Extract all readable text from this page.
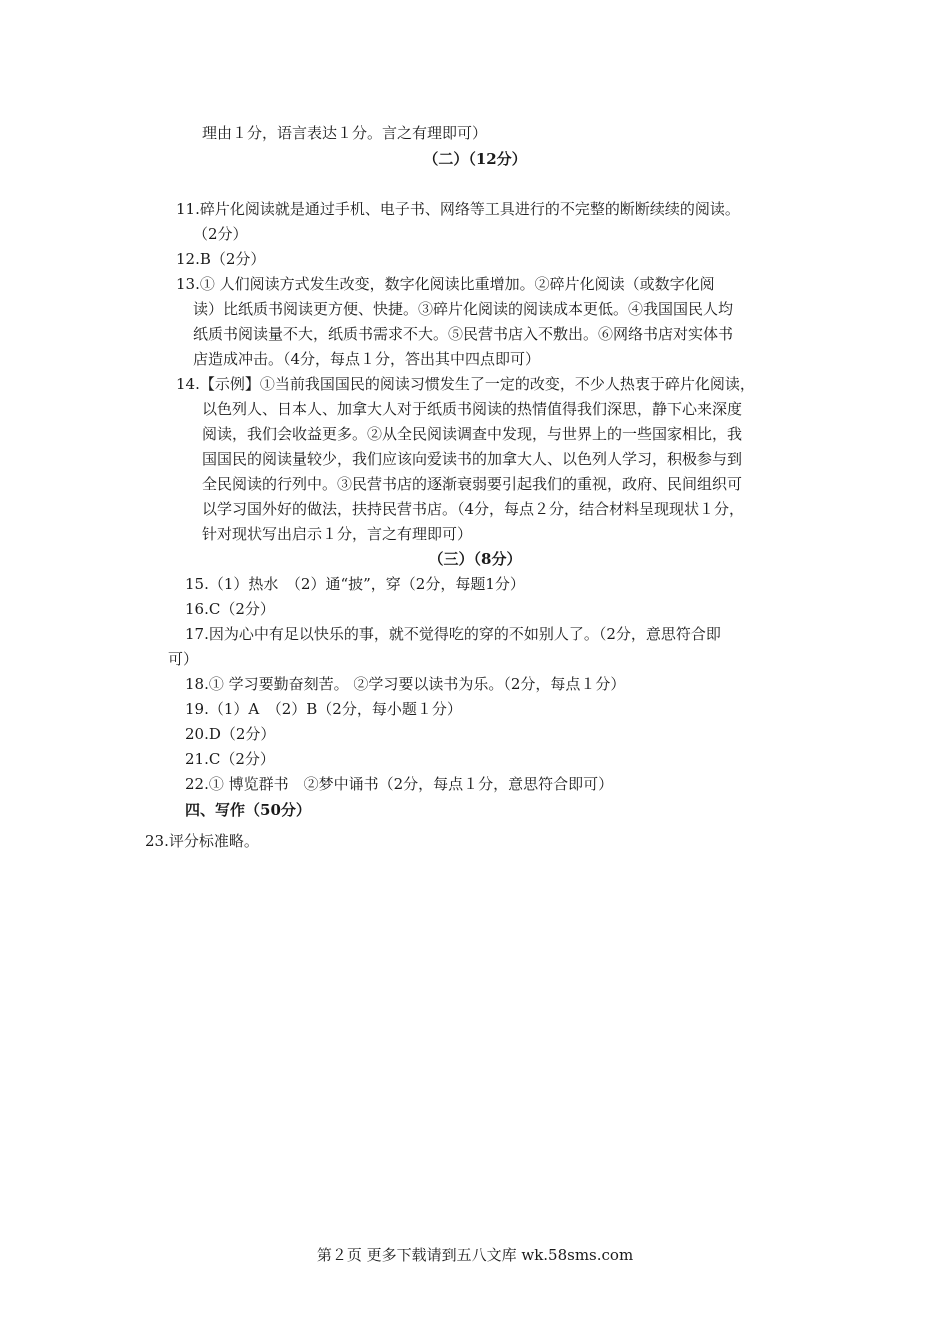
理由１分，语言表达１分。言之有理即可）
（二）（12分）
11.碎片化阅读就是通过手机、电子书、网络等工具进行的不完整的断断续续的阅读。
（2分）
12.B（2分）
13.① 人们阅读方式发生改变，数字化阅读比重增加。②碎片化阅读（或数字化阅
读）比纸质书阅读更方便、快捷。③碎片化阅读的阅读成本更低。④我国国民人均
纸质书阅读量不大，纸质书需求不大。⑤民营书店入不敷出。⑥网络书店对实体书
店造成冲击。（4分，每点１分，答出其中四点即可）
14.【示例】①当前我国国民的阅读习惯发生了一定的改变，不少人热衷于碎片化阅读，
以色列人、日本人、加拿大人对于纸质书阅读的热情值得我们深思，静下心来深度
阅读，我们会收益更多。②从全民阅读调查中发现，与世界上的一些国家相比，我
国国民的阅读量较少，我们应该向爱读书的加拿大人、以色列人学习，积极参与到
全民阅读的行列中。③民营书店的逐渐衰弱要引起我们的重视，政府、民间组织可
以学习国外好的做法，扶持民营书店。（4分，每点２分，结合材料呈现现状１分，
针对现状写出启示１分，言之有理即可）
（三）（8分）
15.（1）热水　（2）通“披”，穿（2分，每题1分）
16.C（2分）
17.因为心中有足以快乐的事，就不觉得吃的穿的不如别人了。（2分，意思符合即
可）
18.① 学习要勤奋刻苦。 ②学习要以读书为乐。（2分，每点１分）
19.（1）A　（2）B（2分，每小题１分）
20.D（2分）
21.C（2分）
22.① 博览群书　②梦中诵书（2分，每点１分，意思符合即可）
四、写作（50分）
23.评分标准略。
第２页 更多下载请到五八文库 wk.58sms.com
